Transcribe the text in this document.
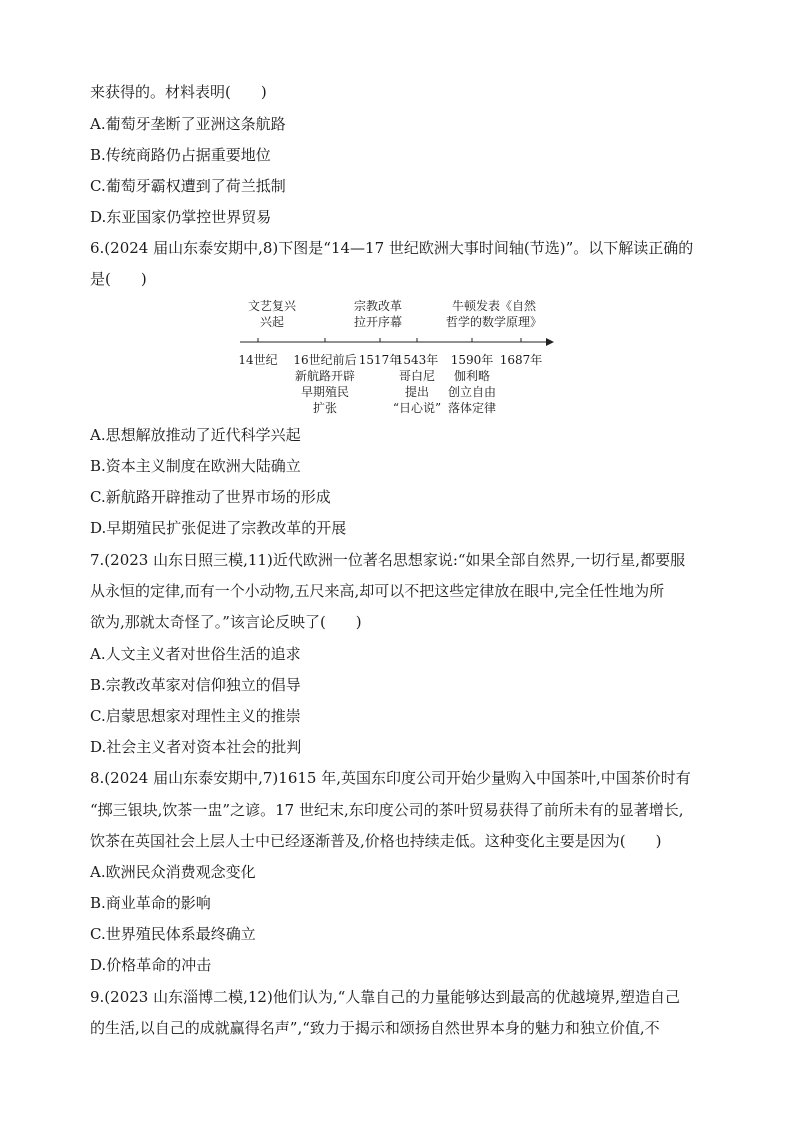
来获得的。材料表明(　　)
A.葡萄牙垄断了亚洲这条航路
B.传统商路仍占据重要地位
C.葡萄牙霸权遭到了荷兰抵制
D.东亚国家仍掌控世界贸易
6.(2024 届山东泰安期中,8)下图是“14—17 世纪欧洲大事时间轴(节选)”。以下解读正确的
是(　　)
文艺复兴
兴起
宗教改革
拉开序幕
牛顿发表《自然
哲学的数学原理》
14世纪 16世纪前后 1517年
1543年 1590年 1687年
新航路开辟
早期殖民
扩张
哥白尼
提出
“日心说”
伽利略
创立自由
落体定律
A.思想解放推动了近代科学兴起
B.资本主义制度在欧洲大陆确立
C.新航路开辟推动了世界市场的形成
D.早期殖民扩张促进了宗教改革的开展
7.(2023 山东日照三模,11)近代欧洲一位著名思想家说:“如果全部自然界,一切行星,都要服
从永恒的定律,而有一个小动物,五尺来高,却可以不把这些定律放在眼中,完全任性地为所
欲为,那就太奇怪了。”该言论反映了(　　)
A.人文主义者对世俗生活的追求
B.宗教改革家对信仰独立的倡导
C.启蒙思想家对理性主义的推崇
D.社会主义者对资本社会的批判
8.(2024 届山东泰安期中,7)1615 年,英国东印度公司开始少量购入中国茶叶,中国茶价时有
“掷三银块,饮茶一盅”之谚。17 世纪末,东印度公司的茶叶贸易获得了前所未有的显著增长,
饮茶在英国社会上层人士中已经逐渐普及,价格也持续走低。这种变化主要是因为(　　)
A.欧洲民众消费观念变化
B.商业革命的影响
C.世界殖民体系最终确立
D.价格革命的冲击
9.(2023 山东淄博二模,12)他们认为,“人靠自己的力量能够达到最高的优越境界,塑造自己
的生活,以自己的成就赢得名声”,“致力于揭示和颂扬自然世界本身的魅力和独立价值,不
